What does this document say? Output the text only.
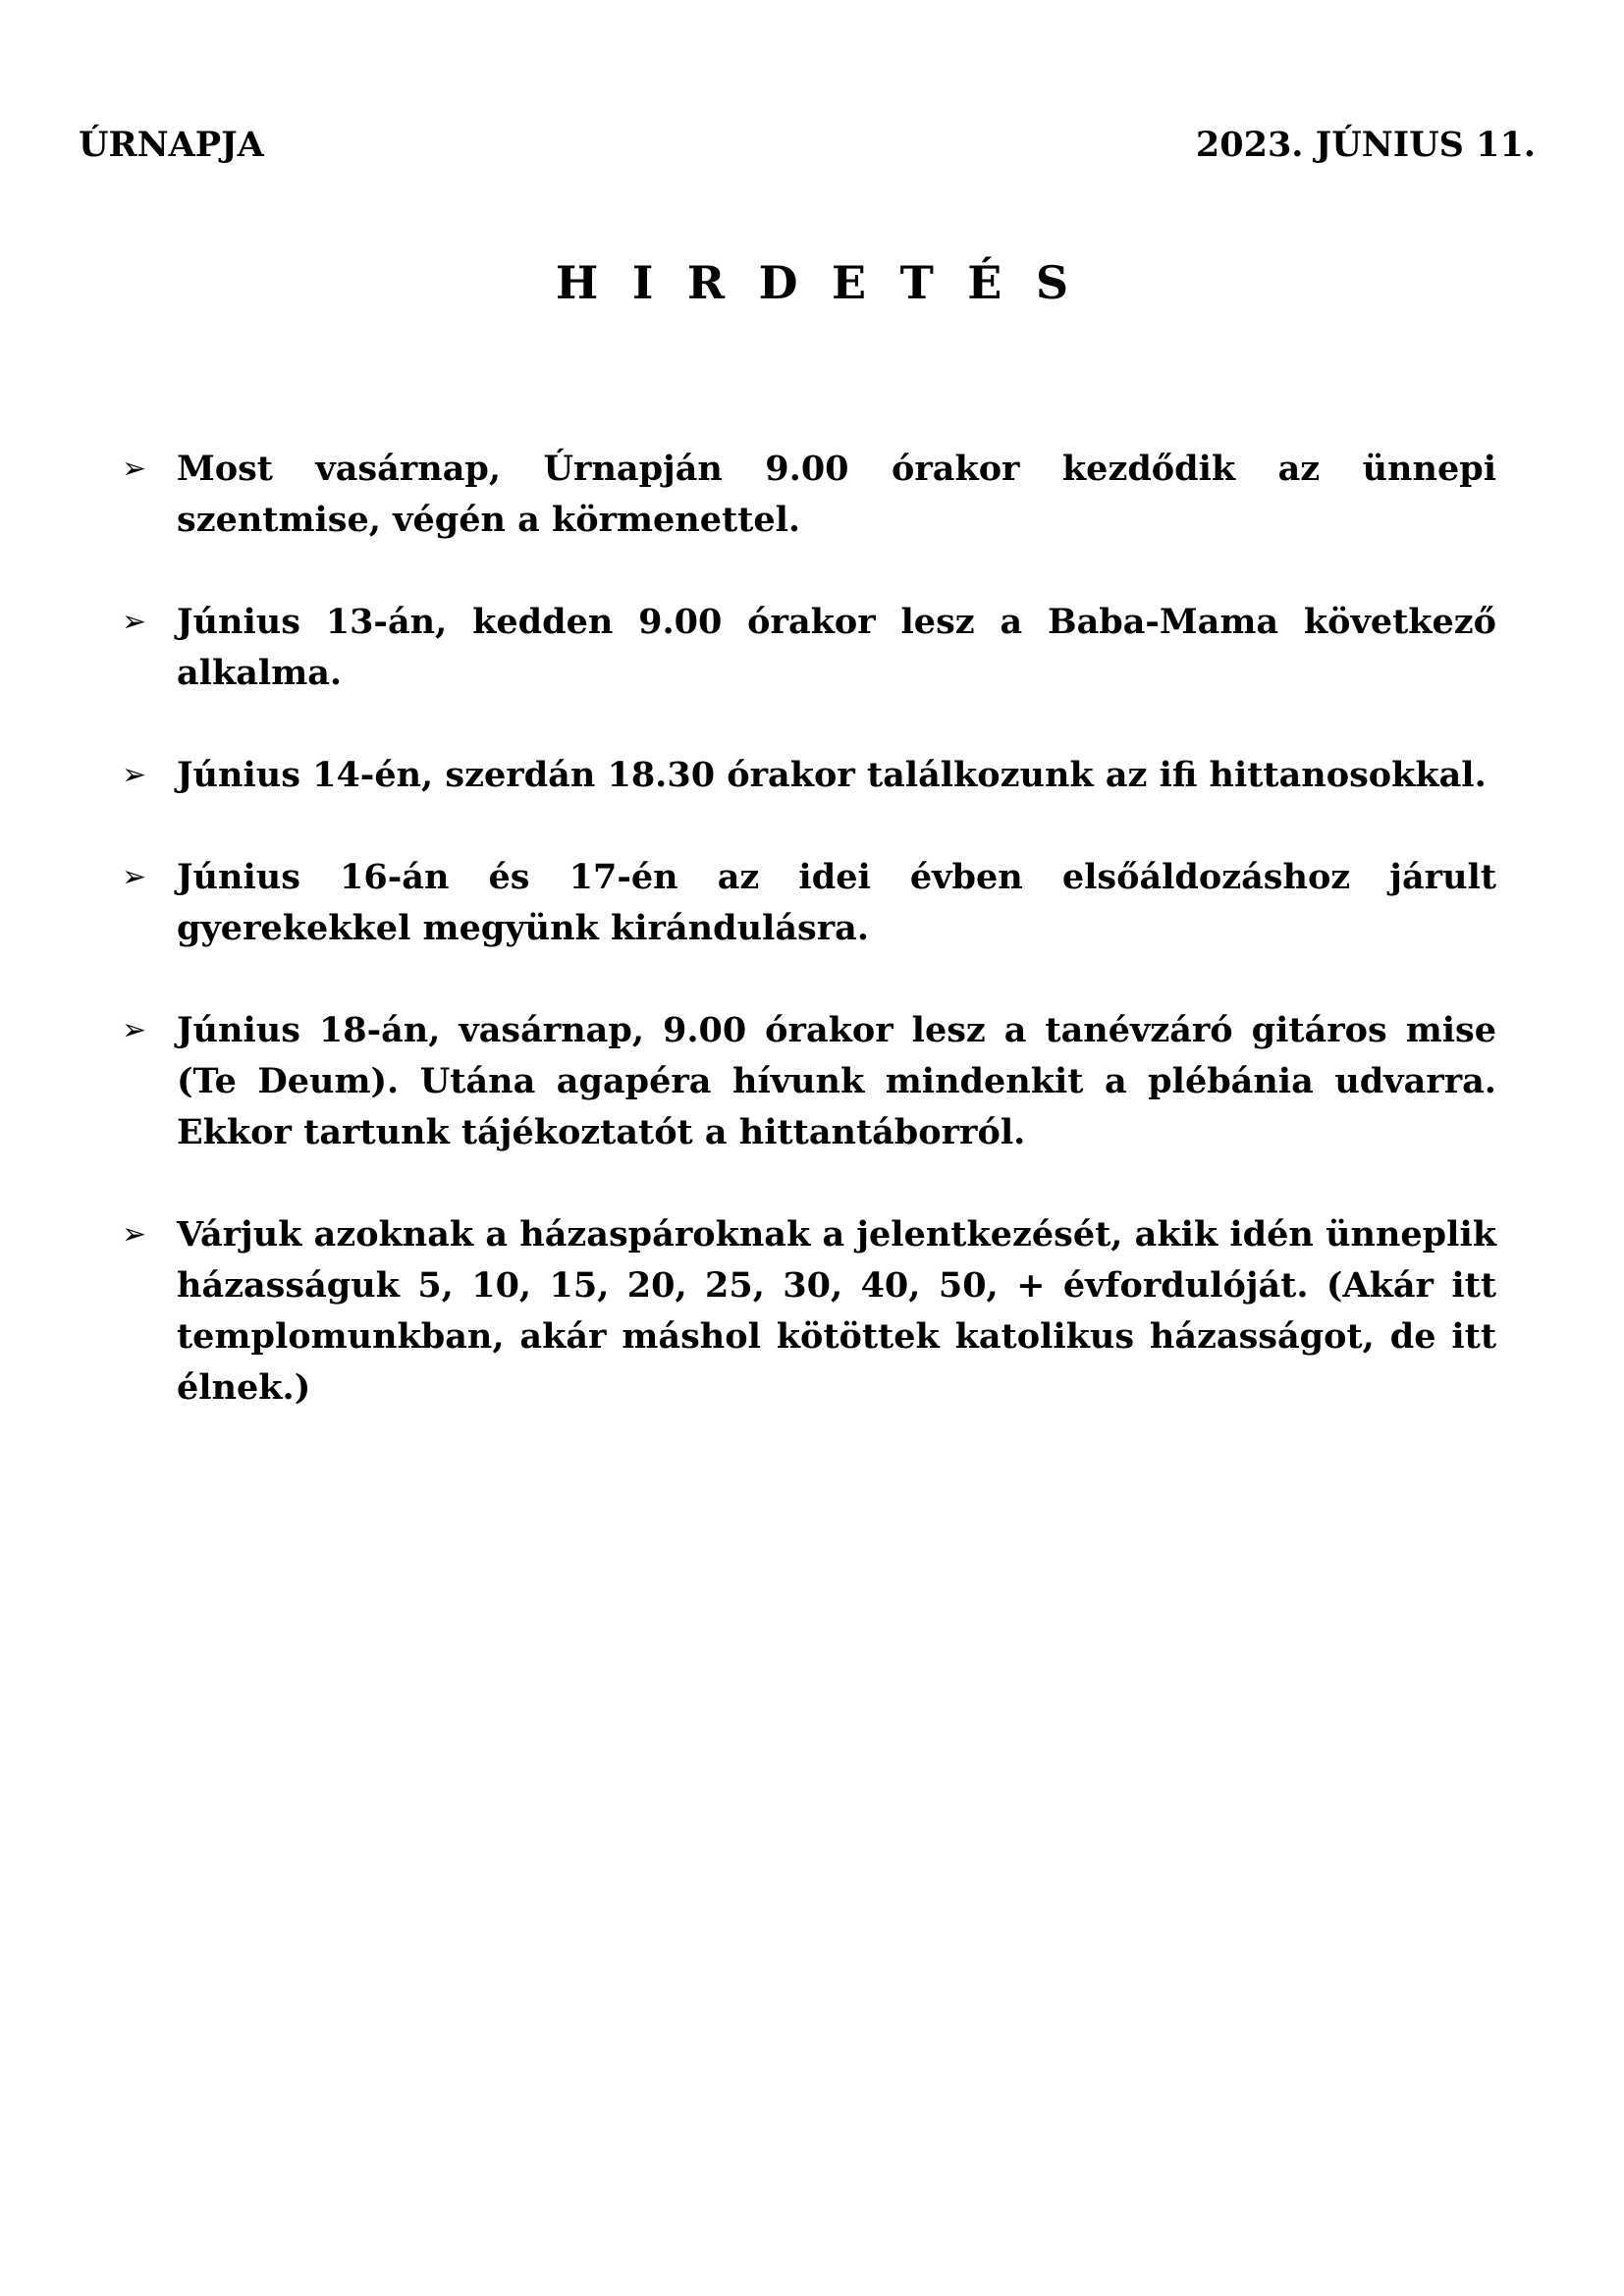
ÚRNAPJA	2023. JÚNIUS 11.
HIRDETÉS
➢ Most vasárnap, Úrnapján 9.00 órakor kezdődik az ünnepi szentmise, végén a körmenettel.
➢ Június 13-án, kedden 9.00 órakor lesz a Baba-Mama következő alkalma.
➢ Június 14-én, szerdán 18.30 órakor találkozunk az ifi hittanosokkal.
➢ Június 16-án és 17-én az idei évben elsőáldozáshoz járult gyerekekkel megyünk kirándulásra.
➢ Június 18-án, vasárnap, 9.00 órakor lesz a tanévzáró gitáros mise (Te Deum). Utána agapéra hívunk mindenkit a plébánia udvarra. Ekkor tartunk tájékoztatót a hittantáborról.
➢ Várjuk azoknak a házaspároknak a jelentkezését, akik idén ünneplik házasságuk 5, 10, 15, 20, 25, 30, 40, 50, + évfordulóját. (Akár itt templomunkban, akár máshol kötöttek katolikus házasságot, de itt élnek.)
